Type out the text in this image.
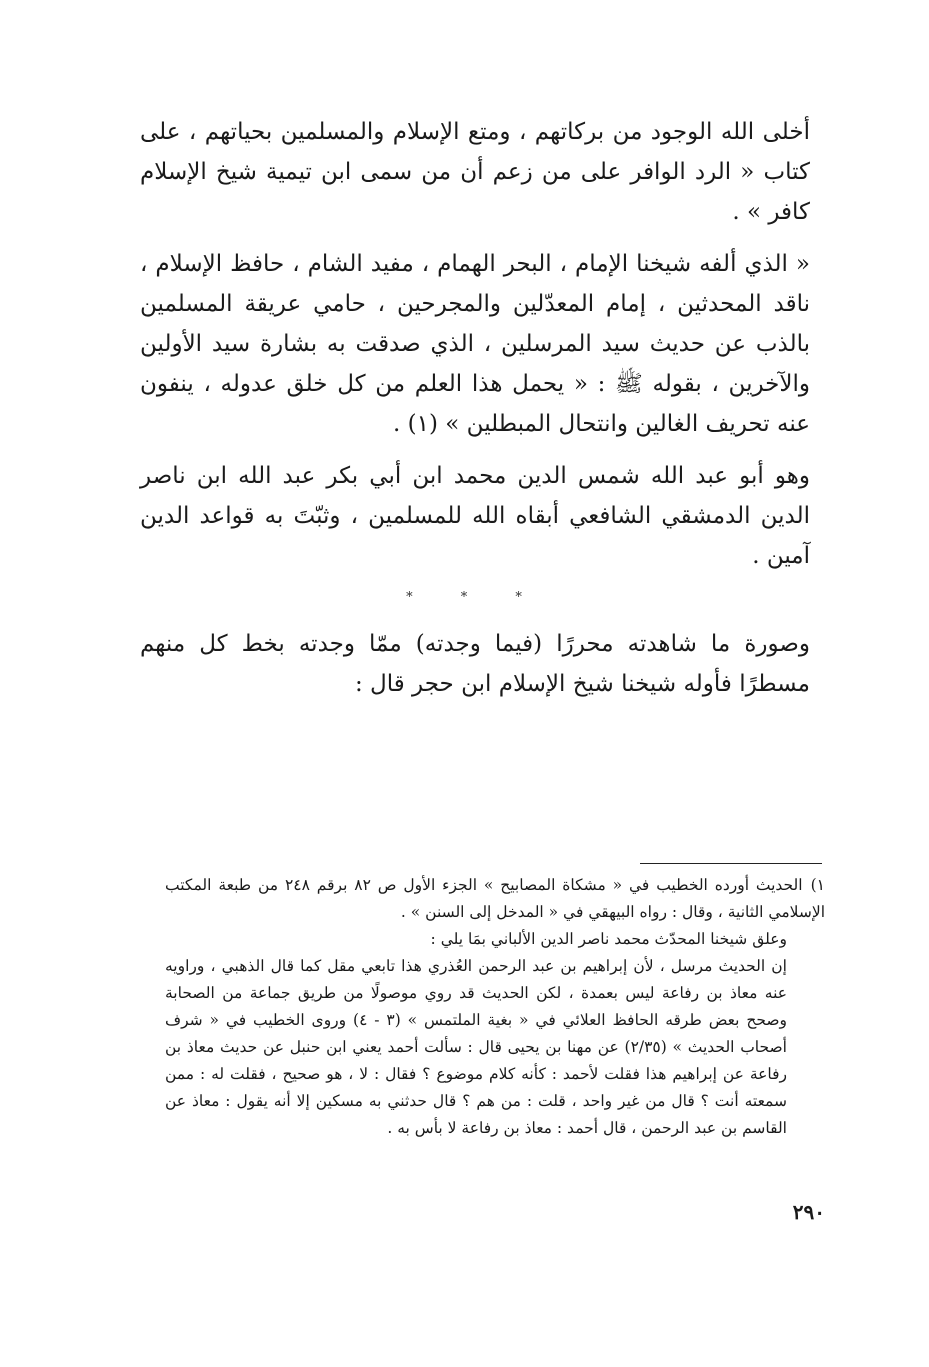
أخلى الله الوجود من بركاتهم ، ومتع الإسلام والمسلمين بحياتهم ، على كتاب « الرد الوافر على من زعم أن من سمى ابن تيمية شيخ الإسلام كافر » .

« الذي ألفه شيخنا الإمام ، البحر الهمام ، مفيد الشام ، حافظ الإسلام ، ناقد المحدثين ، إمام المعدّلين والمجرحين ، حامي عريقة المسلمين بالذب عن حديث سيد المرسلين ، الذي صدقت به بشارة سيد الأولين والآخرين ، بقوله ﷺ : « يحمل هذا العلم من كل خلق عدوله ، ينفون عنه تحريف الغالين وانتحال المبطلين » (١) .

وهو أبو عبد الله شمس الدين محمد ابن أبي بكر عبد الله ابن ناصر الدين الدمشقي الشافعي أبقاه الله للمسلمين ، وثبّتَ به قواعد الدين آمين .

* * *

وصورة ما شاهدته محررًا (فيما وجدته) ممّا وجدته بخط كل منهم مسطرًا فأوله شيخنا شيخ الإسلام ابن حجر قال :

١)الحديث أورده الخطيب في « مشكاة المصابيح » الجزء الأول ص ٨٢ برقم ٢٤٨ من طبعة المكتب الإسلامي الثانية ، وقال : رواه البيهقي في « المدخل إلى السنن » .

وعلق شيخنا المحدّث محمد ناصر الدين الألباني بمَا يلي :

إن الحديث مرسل ، لأن إبراهيم بن عبد الرحمن العُذري هذا تابعي مقل كما قال الذهبي ، وراويه عنه معاذ بن رفاعة ليس بعمدة ، لكن الحديث قد روي موصولًا من طريق جماعة من الصحابة وصحح بعض طرقه الحافظ العلائي في « بغية الملتمس » (٣ - ٤) وروى الخطيب في « شرف أصحاب الحديث » (٢/٣٥) عن مهنا بن يحيى قال : سألت أحمد يعني ابن حنبل عن حديث معاذ بن رفاعة عن إبراهيم هذا فقلت لأحمد : كأنه كلام موضوع ؟ فقال : لا ، هو صحيح ، فقلت له : ممن سمعته أنت ؟ قال من غير واحد ، قلت : من هم ؟ قال حدثني به مسكين إلا أنه يقول : معاذ عن القاسم بن عبد الرحمن ، قال أحمد : معاذ بن رفاعة لا بأس به .

٢٩٠
